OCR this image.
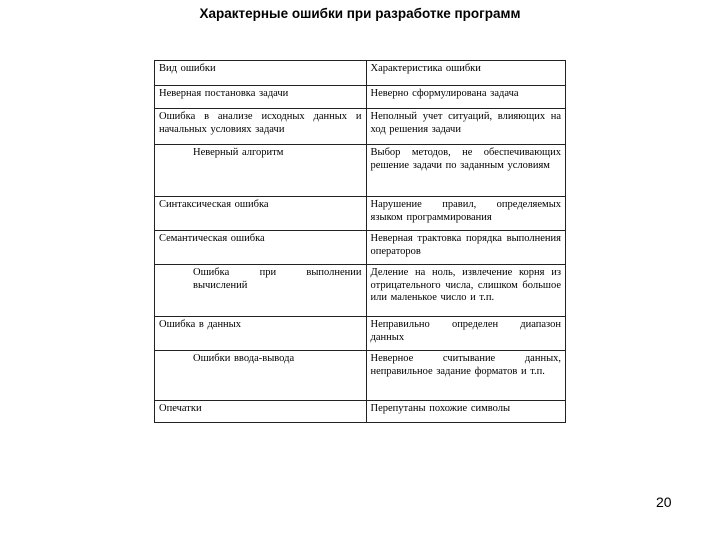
Характерные ошибки при разработке программ
Вид ошибки	Характеристика ошибки
Неверная постановка задачи	Неверно сформулирована задача
Ошибка в анализе исходных данных и начальных условиях задачи	Неполный учет ситуаций, влияющих на ход решения задачи
Неверный алгоритм	Выбор методов, не обеспечивающих решение задачи по заданным условиям
Синтаксическая ошибка	Нарушение правил, определяемых языком программирования
Семантическая ошибка	Неверная трактовка порядка выполнения операторов
Ошибка при выполнении вычислений	Деление на ноль, извлечение корня из отрицательного числа, слишком большое или маленькое число и т.п.
Ошибка в данных	Неправильно определен диапазон данных
Ошибки ввода-вывода	Неверное считывание данных, неправильное задание форматов и т.п.
Опечатки	Перепутаны похожие символы
20
